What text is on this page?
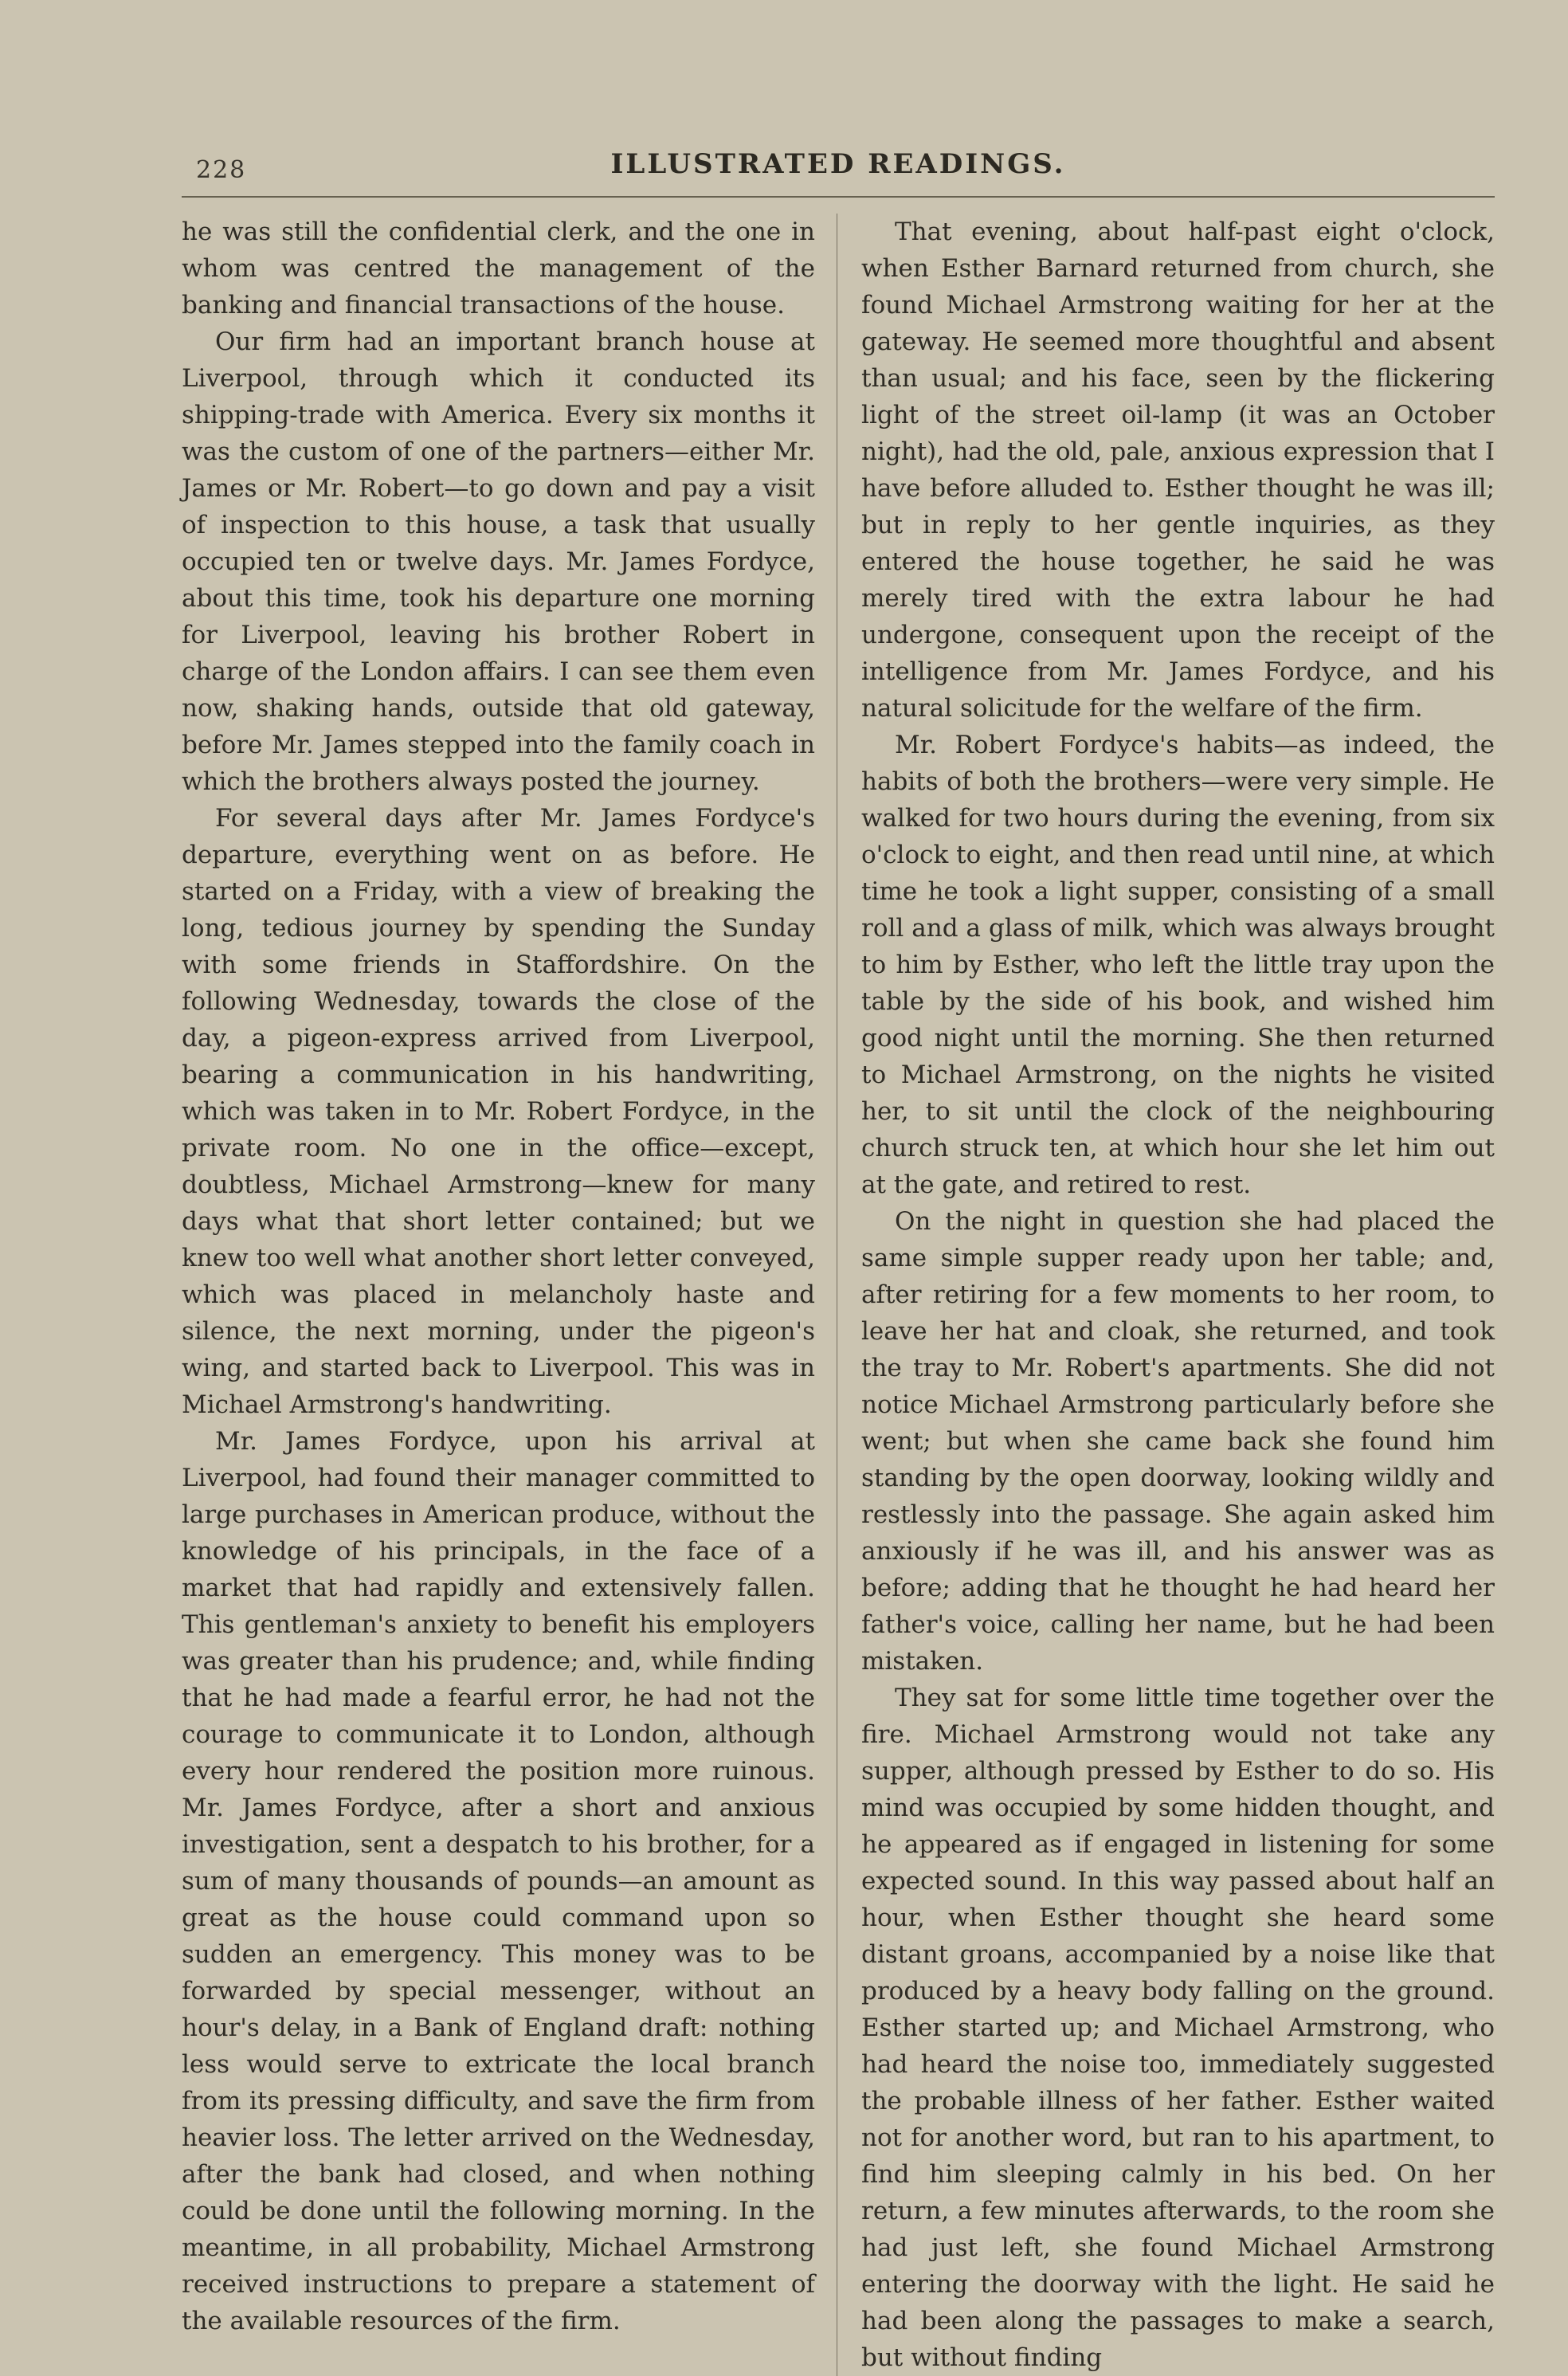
228	ILLUSTRATED READINGS.

he was still the confidential clerk, and the one in whom was centred the management of the banking and financial transactions of the house.

Our firm had an important branch house at Liverpool, through which it conducted its shipping-trade with America. Every six months it was the custom of one of the partners—either Mr. James or Mr. Robert—to go down and pay a visit of inspection to this house, a task that usually occupied ten or twelve days. Mr. James Fordyce, about this time, took his departure one morning for Liverpool, leaving his brother Robert in charge of the London affairs. I can see them even now, shaking hands, outside that old gateway, before Mr. James stepped into the family coach in which the brothers always posted the journey.

For several days after Mr. James Fordyce's departure, everything went on as before. He started on a Friday, with a view of breaking the long, tedious journey by spending the Sunday with some friends in Staffordshire. On the following Wednesday, towards the close of the day, a pigeon-express arrived from Liverpool, bearing a communication in his handwriting, which was taken in to Mr. Robert Fordyce, in the private room. No one in the office—except, doubtless, Michael Armstrong—knew for many days what that short letter contained; but we knew too well what another short letter conveyed, which was placed in melancholy haste and silence, the next morning, under the pigeon's wing, and started back to Liverpool. This was in Michael Armstrong's handwriting.

Mr. James Fordyce, upon his arrival at Liverpool, had found their manager committed to large purchases in American produce, without the knowledge of his principals, in the face of a market that had rapidly and extensively fallen. This gentleman's anxiety to benefit his employers was greater than his prudence; and, while finding that he had made a fearful error, he had not the courage to communicate it to London, although every hour rendered the position more ruinous. Mr. James Fordyce, after a short and anxious investigation, sent a despatch to his brother, for a sum of many thousands of pounds—an amount as great as the house could command upon so sudden an emergency. This money was to be forwarded by special messenger, without an hour's delay, in a Bank of England draft: nothing less would serve to extricate the local branch from its pressing difficulty, and save the firm from heavier loss. The letter arrived on the Wednesday, after the bank had closed, and when nothing could be done until the following morning. In the meantime, in all probability, Michael Armstrong received instructions to prepare a statement of the available resources of the firm.

That evening, about half-past eight o'clock, when Esther Barnard returned from church, she found Michael Armstrong waiting for her at the gateway. He seemed more thoughtful and absent than usual; and his face, seen by the flickering light of the street oil-lamp (it was an October night), had the old, pale, anxious expression that I have before alluded to. Esther thought he was ill; but in reply to her gentle inquiries, as they entered the house together, he said he was merely tired with the extra labour he had undergone, consequent upon the receipt of the intelligence from Mr. James Fordyce, and his natural solicitude for the welfare of the firm.

Mr. Robert Fordyce's habits—as indeed, the habits of both the brothers—were very simple. He walked for two hours during the evening, from six o'clock to eight, and then read until nine, at which time he took a light supper, consisting of a small roll and a glass of milk, which was always brought to him by Esther, who left the little tray upon the table by the side of his book, and wished him good night until the morning. She then returned to Michael Armstrong, on the nights he visited her, to sit until the clock of the neighbouring church struck ten, at which hour she let him out at the gate, and retired to rest.

On the night in question she had placed the same simple supper ready upon her table; and, after retiring for a few moments to her room, to leave her hat and cloak, she returned, and took the tray to Mr. Robert's apartments. She did not notice Michael Armstrong particularly before she went; but when she came back she found him standing by the open doorway, looking wildly and restlessly into the passage. She again asked him anxiously if he was ill, and his answer was as before; adding that he thought he had heard her father's voice, calling her name, but he had been mistaken.

They sat for some little time together over the fire. Michael Armstrong would not take any supper, although pressed by Esther to do so. His mind was occupied by some hidden thought, and he appeared as if engaged in listening for some expected sound. In this way passed about half an hour, when Esther thought she heard some distant groans, accompanied by a noise like that produced by a heavy body falling on the ground. Esther started up; and Michael Armstrong, who had heard the noise too, immediately suggested the probable illness of her father. Esther waited not for another word, but ran to his apartment, to find him sleeping calmly in his bed. On her return, a few minutes afterwards, to the room she had just left, she found Michael Armstrong entering the doorway with the light. He said he had been along the passages to make a search, but without finding
